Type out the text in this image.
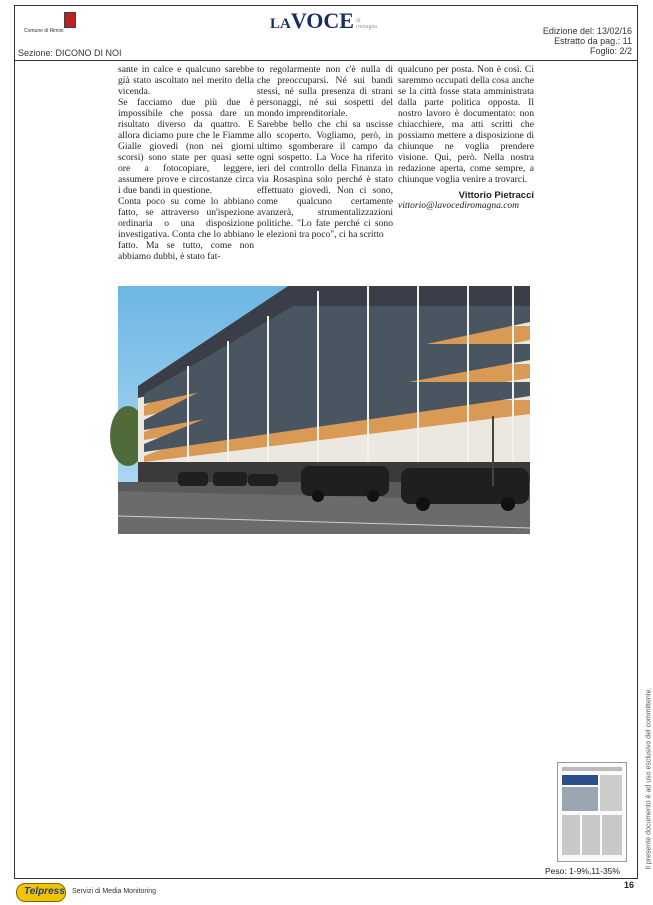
Comune di Rimini
Sezione: DICONO DI NOI
LAVOCE di romagna	Edizione del: 13/02/16
Estratto da pag.: 11
Foglio: 2/2

sante in calce e qualcuno sarebbe già stato ascoltato nel merito della vicenda.

Se facciamo due più due è impossibile che possa dare un risultato diverso da quattro. E allora diciamo pure che le Fiamme Gialle giovedì (non nei giorni scorsi) sono state per quasi sette ore a fotocopiare, leggere, assumere prove e circostanze circa i due bandi in questione.

Conta poco su come lo abbiano fatto, se attraverso un'ispezione ordinaria o una disposizione investigativa. Conta che lo abbiano fatto. Ma se tutto, come non abbiamo dubbi, è stato fat-

to regolarmente non c'è nulla di che preoccuparsi. Né sui bandi stessi, né sulla presenza di strani personaggi, né sui sospetti del mondo imprenditoriale.

Sarebbe bello che chi sa uscisse allo scoperto. Vogliamo, però, in ultimo sgomberare il campo da ogni sospetto. La Voce ha riferito ieri del controllo della Finanza in via Rosaspina solo perché è stato effettuato giovedì. Non ci sono, come qualcuno certamente avanzerà, strumentalizzazioni politiche. "Lo fate perché ci sono le elezioni tra poco", ci ha scritto

qualcuno per posta. Non è così. Ci saremmo occupati della cosa anche se la città fosse stata amministrata dalla parte politica opposta. Il nostro lavoro è documentato: non chiacchiere, ma atti scritti che possiamo mettere a disposizione di chiunque ne voglia prendere visione. Qui, però. Nella nostra redazione aperta, come sempre, a chiunque voglia venire a trovarci.

Vittorio Pietracci
vittorio@lavocediromagna.com
Il presente documento è ad uso esclusivo del committente.
Peso: 1-9%,11-35%
16
Telpress Servizi di Media Monitoring
